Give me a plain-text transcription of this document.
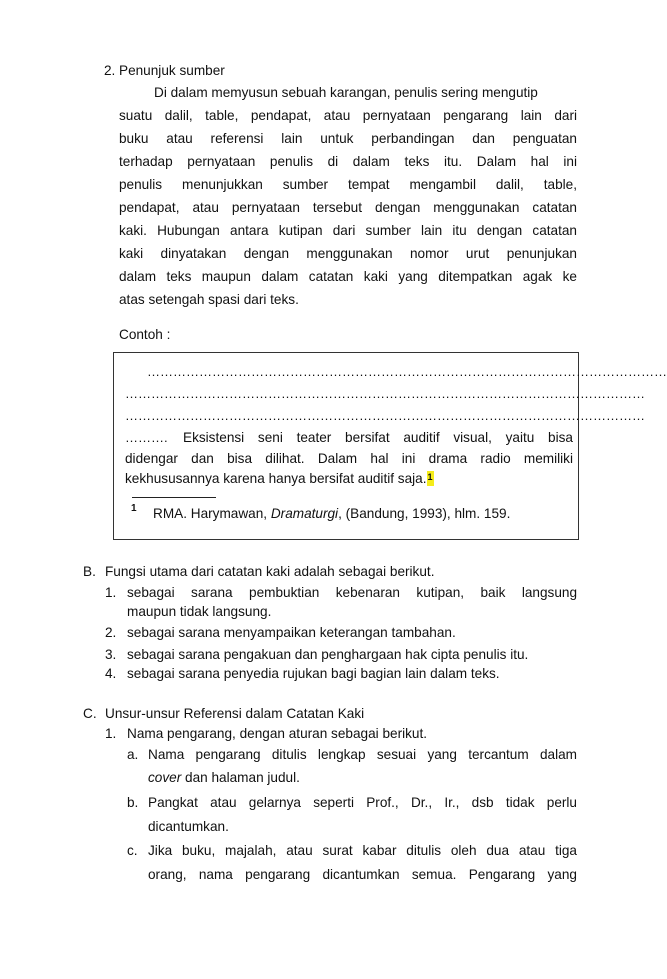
2. Penunjuk sumber
Di dalam memyusun sebuah karangan, penulis sering mengutip
suatu dalil, table, pendapat, atau pernyataan pengarang lain dari
buku atau referensi lain untuk perbandingan dan penguatan
terhadap pernyataan penulis di dalam teks itu. Dalam hal ini
penulis menunjukkan sumber tempat mengambil dalil, table,
pendapat, atau pernyataan tersebut dengan menggunakan catatan
kaki. Hubungan antara kutipan dari sumber lain itu dengan catatan
kaki dinyatakan dengan menggunakan nomor urut penunjukan
dalam teks maupun dalam catatan kaki yang ditempatkan agak ke
atas setengah spasi dari teks.
Contoh :
…………………………………………………………………………………………………………
…………………………………………………………………………………………………………
…………………………………………………………………………………………………………
………. Eksistensi seni teater bersifat auditif visual, yaitu bisa
didengar dan bisa dilihat. Dalam hal ini drama radio memiliki
kekhususannya karena hanya bersifat auditif saja.$^1$
1 RMA. Harymawan, Dramaturgi, (Bandung, 1993), hlm. 159.
B. Fungsi utama dari catatan kaki adalah sebagai berikut.
1. sebagai sarana pembuktian kebenaran kutipan, baik langsung
maupun tidak langsung.
2. sebagai sarana menyampaikan keterangan tambahan.
3. sebagai sarana pengakuan dan penghargaan hak cipta penulis itu.
4. sebagai sarana penyedia rujukan bagi bagian lain dalam teks.
C. Unsur-unsur Referensi dalam Catatan Kaki
1. Nama pengarang, dengan aturan sebagai berikut.
a. Nama pengarang ditulis lengkap sesuai yang tercantum dalam
cover dan halaman judul.
b. Pangkat atau gelarnya seperti Prof., Dr., Ir., dsb tidak perlu
dicantumkan.
c. Jika buku, majalah, atau surat kabar ditulis oleh dua atau tiga
orang, nama pengarang dicantumkan semua. Pengarang yang
